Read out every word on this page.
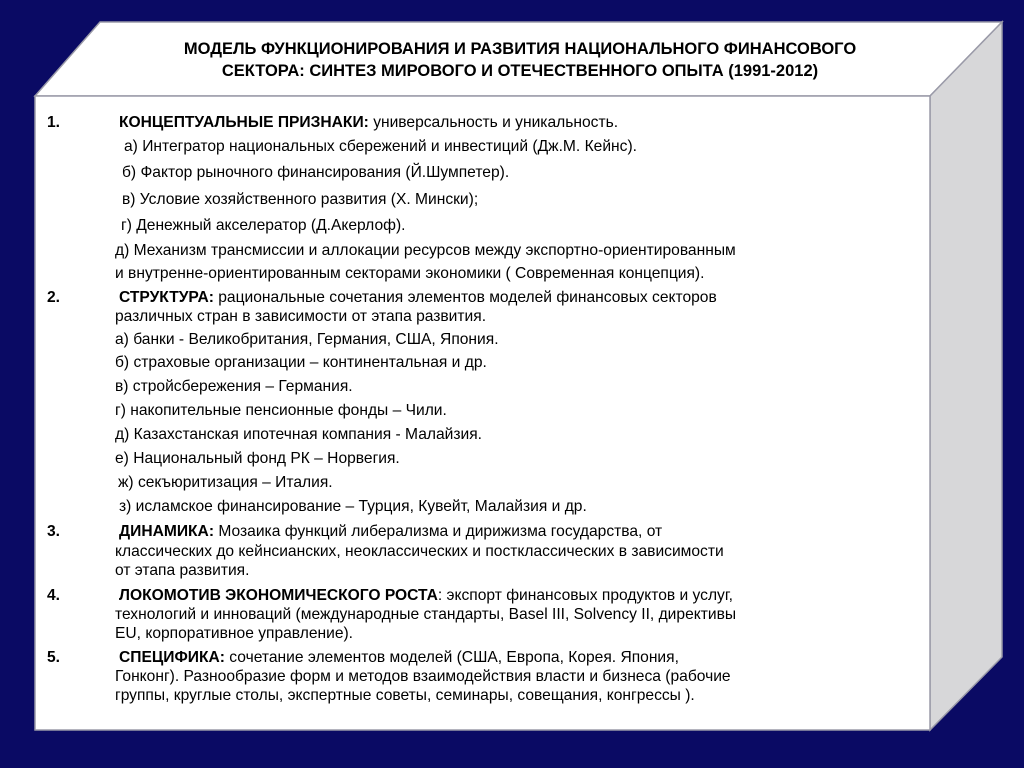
МОДЕЛЬ ФУНКЦИОНИРОВАНИЯ И РАЗВИТИЯ НАЦИОНАЛЬНОГО ФИНАНСОВОГО
СЕКТОРА: СИНТЕЗ МИРОВОГО И ОТЕЧЕСТВЕННОГО ОПЫТА (1991-2012)
1.	КОНЦЕПТУАЛЬНЫЕ ПРИЗНАКИ: универсальность и уникальность.
а) Интегратор национальных сбережений и инвестиций (Дж.М. Кейнс).
б) Фактор рыночного финансирования (Й.Шумпетер).
в) Условие хозяйственного развития (Х. Мински);
г) Денежный акселератор (Д.Акерлоф).
д) Механизм трансмиссии и аллокации ресурсов между экспортно-ориентированным
и внутренне-ориентированным секторами экономики ( Современная концепция).
2.	СТРУКТУРА: рациональные сочетания элементов моделей финансовых секторов
различных стран в зависимости от этапа развития.
а) банки - Великобритания, Германия, США, Япония.
б) страховые организации – континентальная и др.
в) стройсбережения – Германия.
г) накопительные пенсионные фонды – Чили.
д) Казахстанская ипотечная компания - Малайзия.
е) Национальный фонд РК – Норвегия.
ж) секъюритизация – Италия.
з) исламское финансирование – Турция, Кувейт, Малайзия и др.
3.	ДИНАМИКА: Мозаика функций либерализма и дирижизма государства, от
классических до кейнсианских, неоклассических и постклассических в зависимости
от этапа развития.
4.	ЛОКОМОТИВ ЭКОНОМИЧЕСКОГО РОСТА: экспорт финансовых продуктов и услуг,
технологий и инноваций (международные стандарты, Basel III, Solvency II, директивы
EU, корпоративное управление).
5.	СПЕЦИФИКА: сочетание элементов моделей (США, Европа, Корея. Япония,
Гонконг). Разнообразие форм и методов взаимодействия власти и бизнеса (рабочие
группы, круглые столы, экспертные советы, семинары, совещания, конгрессы ).
